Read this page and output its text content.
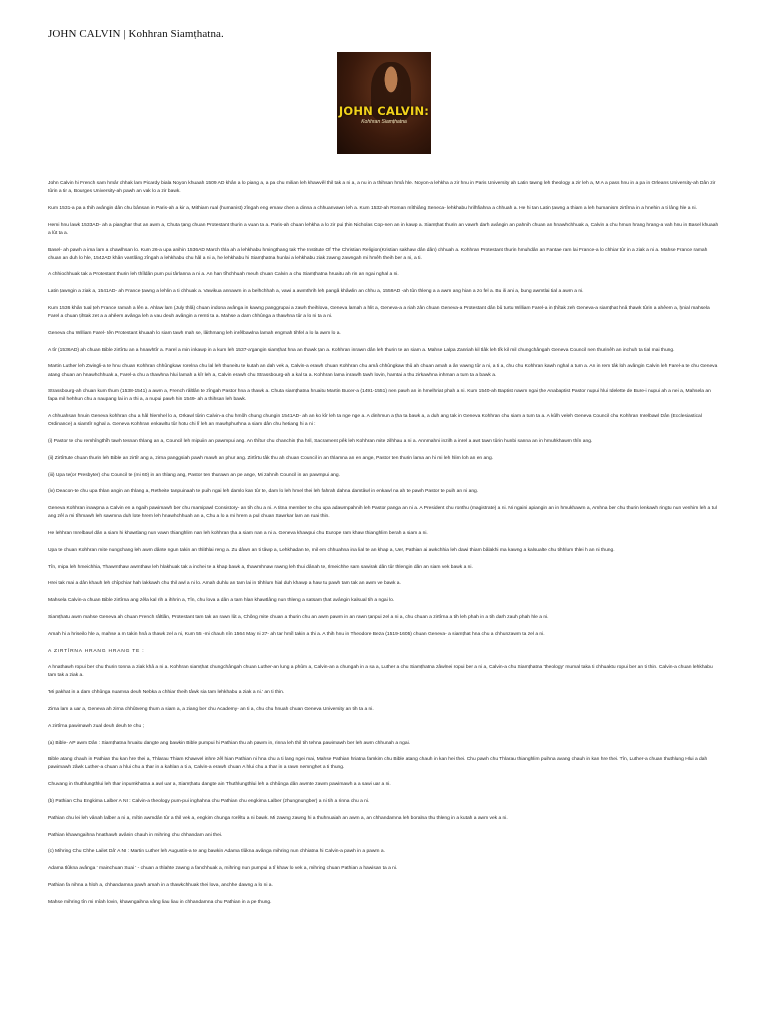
JOHN CALVIN | Kohhran Siamṭhatna.
JOHN CALVIN:
Kohhran Siamṭhatna

John Calvin hi French sam hmâr chhak lam Picardy biala Noyon khuaah 1509 AD khân a lo piang a, a pa chu milian leh khawvêl thil tak a ni a, a nu in a thihsan hmâ hle. Noyon-a lehkha a zir hnu in Paris University ah Latin tawng leh theology a zir leh a, M A a pass hnu in a pa in Orleans University-ah Dân zir tûrin a tir a, Bourges University-ah pawh an vak lo a zir bawk.

Kum 1531-a pa a thih avângin dân chu bânsan in Paris-ah a kir a, Mithiam rual (humanist) zîngah eng emaw chen a dinna a chhuanvawn leh a. Kum 1532-ah Roman mîthiâng Seneca- lehkhabu hrilhfiahna a chhuah a. He hi tan Latin ṭawng a thiam a leh humanism zirtîrna in a hnehin a ti lâng hle a ni.

Hemi hnu lawk 1533AD- ah a pianghar thut an awm a, Chuta ṭang chuan Protestant thurin a vuan ta a. Paris-ah chuan lehkha a lo zir pui ṭhin Nicholas Cop-nen an in kawp a. Siamṭhat thurin an vawrh darh avângin an pahnih chuan an hnawhchhuak a, Calvin a chu hmun hrang hrang-a vah hnu in Basel khuaah a lût ta a.

Basel- ah pawh a ima lam a chawlhsan lo. Kum 26-a upa anihin 1536AD March thla ah a lehkhabu hmingthang tak The Institute Of The Christian Religion(Kristian sakhaw dân dân) chhuah a. Kohhran Protestant thurin hmuhdân an Fantae ram lai France-a lo chhiar tûr in a ziak a ni a. Mahse France ramah chuan an duh lo hle, 1542AD khân vantlâng zîngah a lehkhabu chu hâl a ni a, he lehkhabu hi Siamṭhatna hunlai a lehkhabu ziak zawng zawngah mi hmêh theih ber a ni, a ti.

A chhiochhuak tak a Protestant thurin leh thîldân pum pui târlanna a ni a. An han tîhchhuah meuh chuan Calvin a chu Siamṭhatna hruaitu ah rin an ngai nghal a ni.

Latin ṭawngin a ziak a, 1541AD- ah France ṭawng a lehlin a ti chhuak a. Vawikua annawm in a belhchhah a, vawi a awmthrih leh pangâ khâwlin an chhu a, 1559AD -ah tûn thleng a a awm ang hian a zo fel a. Bu ili ani a, bung awmtlai tial a awm a ni.

Kum 1536 khân tual ṭeh France ramah a lên a. Ahlaw lam (July thlâ) chuan indona avânga in kawng panggrupai a zawh theihlova, Geneva lamah a hlit a, Geneva-a a riah zân chuan Geneva-a Protestant dân bû turtu William Farel-a in ṭhîtak zeh Geneva-a siamṭhat hnâ thawk tûrin a ahêem a, ẖnial mahsela Farel a chuan ṭihtak zet a a ahêem avânga leh a vau deuh avângin a remti ta a. Mahse a dam chhûnga a thawhna tûr a lo ni ta a ni.

Geneva chu William Farel- tên Protestant khuaah lo siam tawh mah se, lâithmang leh inrêlbawlna lamah engmah tihfel a lo la awm lo a.

A tîr (1536AD) ah chuan Bible zirtîrtu an a hnawhtîr a. Farel a min inkawp in a kum leh 1537-a'gangin siamṭhat hna an thawk ṭan a. Kohhran inrawn dân leh thurin te an siam a. Mahse Lalpa Zanriah kil tlâk leh tîk kil mil chungchângah Geneva Council nen thurinêh an inchuh ta tial mai thung.

Martin Luther leh Zwingli-a te hnu chuan Kohhran chhûngkaw rorelna chu lal leh thuneitu te kutah an dah vek a, Calvin-a erawh chuan Kohhran chu amâ chhûngkaw thû ah chuan amah a ân vawng tûr a ni, a ti a, chu chu Kohhran kawh nghal a tum a. An in rem tâk loh avângin Calvin leh Farel-a te chu Geneva atang chuan an hnawhchhuak a, Farel-a chu a thawhna hlui lamah a kîr leh a, Calvin erawh chu Strassbourg-ah a kal ta a. Kohhran lama inrawlh tawh lovin, hamtai a thu zirkawhna inhman a tum ta a bawk a.

Strassbourg-ah chuan kum thum (1538-1541) a awm a, French râltlân te zîngah Pastor hna a thawk a. Chuta siamṭhatna hruaitu Martin Bucer-a (1491-1551) nen pawh an in hmelhriat phah a ni. Kum 1540-ah Baptist nawm ngai ṭhe Anabaptist Pastor nupui hlui Idelette de Bure-i nupui ah a nei a, Mahsela an fapa mil hehhun chu a naupang lai in a thi a, a nupui pawh hin 1549- ah a thihsan leh bawk.

A chhuahsan hnuin Geneva kohhran chu a hâl hlemhel lo a, Orkawl tûrin Calvin-a chu hmôh chung chungin 1541AD- ah an ko kîr leh ta nge nge a. A dinhmun a ṭha ta bawk a, a duh ang tak in Geneva Kohhran chu siam a tum ta a. A kûlh veleh Geneva Council chu Kohhran Inrelbawl Dân (Ecclesiastical Ordinance) a siamtîr nghal a. Geneva Kohhran enkawltu tûr hotu chi lî leh an mawhphurhna a siam dân chu hetiang hi a ni :

(i) Pastor te chu remhîngthîh tawh tesnan thlang an a, Council leh mipuiin an pawmpui ang. An thîtur chu chanchin ṭha hril, Sacrament pêk leh Kohhran mite zilhhau a ni a. Annmahni inzilh a inrel a awt tawn tûrin hunbi sanna an in hmuhkhawm thîn ang.

(ii) Zirtîrtute chuan thurin leh Bible an zirtîr ang a, zirna panggsiah pawh mawh an phur ang. Zirtîrtu tâk thu ah chuan Council in an thlamna an en ange, Pastor ten thurin lama an hi mi leh hlim loh an en ang.

(iii) Upa te(or Presbyter) chu Council te (mi 60) in an thlang ang, Pastor ten thurawn an pe ange, Mi zahnih Council in an pawmpui ang.

(iv) Deacon-te chu upa thlan angin an thlang a, Retheite tanpuinaah te puih ngai leh damlo kan tûr te, dam lo leh hmel thei leh fahrah dahna damtâwl in enkawl na ah te pawh Pastor te puih an ni ang.

Geneva Kohhran inawpna a Calvin en a ngaih pawimawh ber chu mamipawl Consistory- an tih chu a ni. A titna member te chu upa adawmpahnih leh Pastor panga an ni a. A President chu ronthu (magistrate) a ni. Ni ngaini apiangin an in hmukhawm a, Amhna ber chu thurin lenkawh ringtu nun venhim leh a tul ang zêl a mi tîhmawh leh sawmna duh lote hrem leh hnawhchhuah an a, Chu a lo a mi hrem a pul chuan Sawrkar lam an ruai thin.

He lehhran Inrelbawl dân a siam hi khawtlang nun vawn thianghlim nan leh kohhran ṭha a siam nan a ni a. Geneva khawpui chu Europe ram khaw thianghlim berah a siam a ni.

Upa te chuan Kohhran mite nungchang leh awm dânte ngun takin an thlithlai reng a. Zu dâwn an ti tâwp a, Lehkhadan te, mil em chhuahna ina lial te an khap a, Uer, Pathian ai awkchhia leh dawi thiam bâlakhi ma kawng a kalsualte chu tihhlum thlei h an ni thung.

Tîn, mipa leh hmeichhia, Thawmthaw awmthaw leh hlakhuak tak a inchei te a khap bawk a, thawmhnaw rawng leh thui dânah te, Ilmeichhe sam sawirak dân tûr thlengin dân an siam vek bawk a ni.

Hrei tak mai a dân khauh leh chîpchiar hah lakkawh chu thil awl a ni lo. Amah duhlu an tam lai in tihhlum hial duh khawp a haw tu pawh tam tak an awm ve bawk a.

Mahsela Calvin-a chuan Bible zirtîrna ang zêla kal rih a ihhrin a, Tîn, chu lova a dân a tam hlan khawtlâng nun thleng a satsam ṭhat avângin kalsual tih a ngai lo.

Siamṭhatu awm mahse Geneva ah chuan French râltlân, Protestant tam tak an rawn lût a, Chông mite chuan a thurin chu an awm pawm in an rawn ṭanpui zel a ni a, chu chuan a zirtîrna a tih leh phah in a tih darh zauh phah hle a ni.

Amah hi a hriseilo hle a, mahse a m takin hnâ a thawk zel a ni, Kum 55 -mi chauh nîn 1564 May ni 27- ah tar hmîl takin a thi a. A thih hnu in Theodore Beza (1519-1605) chuan Geneva- a siamṭhat hna chu a chhunzawm ta zel a ni.

A ZIRTÎRNA HRANG HRANG TE :

A hnathawh ropui ber chu thurin tonna a ziak khâ a ni a. Kohhran siamṭhat chungchângah chuan Luther-an lung a phûm a, Calvin-an a chungah in a sa a, Luther a chu Siamṭhatna zâwlnei ropui ber a ni a, Calvin-a chu Siamṭhatna 'theology' mumal taka ti chhuaktu ropui ber an ti thin. Calvin-a chuan lehkhabu tam tak a ziak a.

'Mi pakhat in a dam chhûnga nuamsa deuh Nebka a chhiar theih tâwk sia tam lehkhabu a ziak a ni.' an ti thin.

Zirna lam a uar a, Geneva ah zirna chhûtveng thum a siam a, a ziang ber chu Academy- an ti a, chu chu hnuah chuan Geneva University an tih ta a ni.

A zirtîrna pawimawh zual deuh deuh te chu ;

(a) Bible- AP awm Dân : Siamṭhatna hruaitu dangte ang bawkin Bible pumpui hi Pathian thu ah pawm in, rinna leh thil tih tehna pawimawh ber leh awm chhunah a ngai.

Bible atang chauh in Pathian thu kan hre thei a, Thlarau Thiam Khawvel inhre zêl hian Pathian ni hna chu a ti lang ngei mai, Mahse Pathian hriatna famkim chu Bible atang chauh in kan hei thei. Chu pawh chu Thlarau thianghlim puihna avang chauh in kan hre thei. Tîn, Luther-a chuan thuthlung Hlui a dah pawimawh zâwk Luther-a chuan a hlui chu a thar in a kahlan a ti a, Calvin-a erawh chuan A hlui chu a thar in a rawn nemnghet a ti thung.

Chuvang in thuthlungthlui leh thar inpumkhatna a awl uar a, Siamṭhatu dangte ain Thuthlungthlui leh a chhûnga dân awmte zawm pawimawh a a sawi uar a ni.

(b) Pathian Chu Engkima Lalber A NI : Calvin-a theology pum-pui inghahna chu Pathian chu engkima Lalber (zhungnungber) a ni tih a rinna chu a ni.

Pathian chu lei leh vânah lalber a ni a, mîtin awmdân tûr a thil vek a, engkim chunga rorêltu a ni bawk. Mi zawng zawng hi a thuhnuaiah an awm a, an chhandamna leh boralna thu thleng in a kutah a awm vek a ni.

Pathian khawngaihna hnathawh avânin chauh in mihring chu chhandam ani thei.

(c) Mihring Chu Chhe Lailet Dâ' A NI : Martin Luther leh Augustin-a te ang bawkin Adama tlûkna avânga mihring nun chhiatna hi Calvin-a pawh in a pawm a.

Adama tlûkna avânga ' mainchuan Suai ' - chuan a thlahte zawng a fanchhuak a, mihring nun pumpui a tî khaw lo vek a, mihring chuan Pathian a hawisan ta a ni.

Pathian fa nihna a hloh a, chhandamna pawh amah in a thawkchhuak thei lova, anchhe dawng a lo ni a.

Mahse mihring tîn mi mîah lovin, khawngaihna vâng liau liau in chhandamna chu Pathian in a pe thung.
